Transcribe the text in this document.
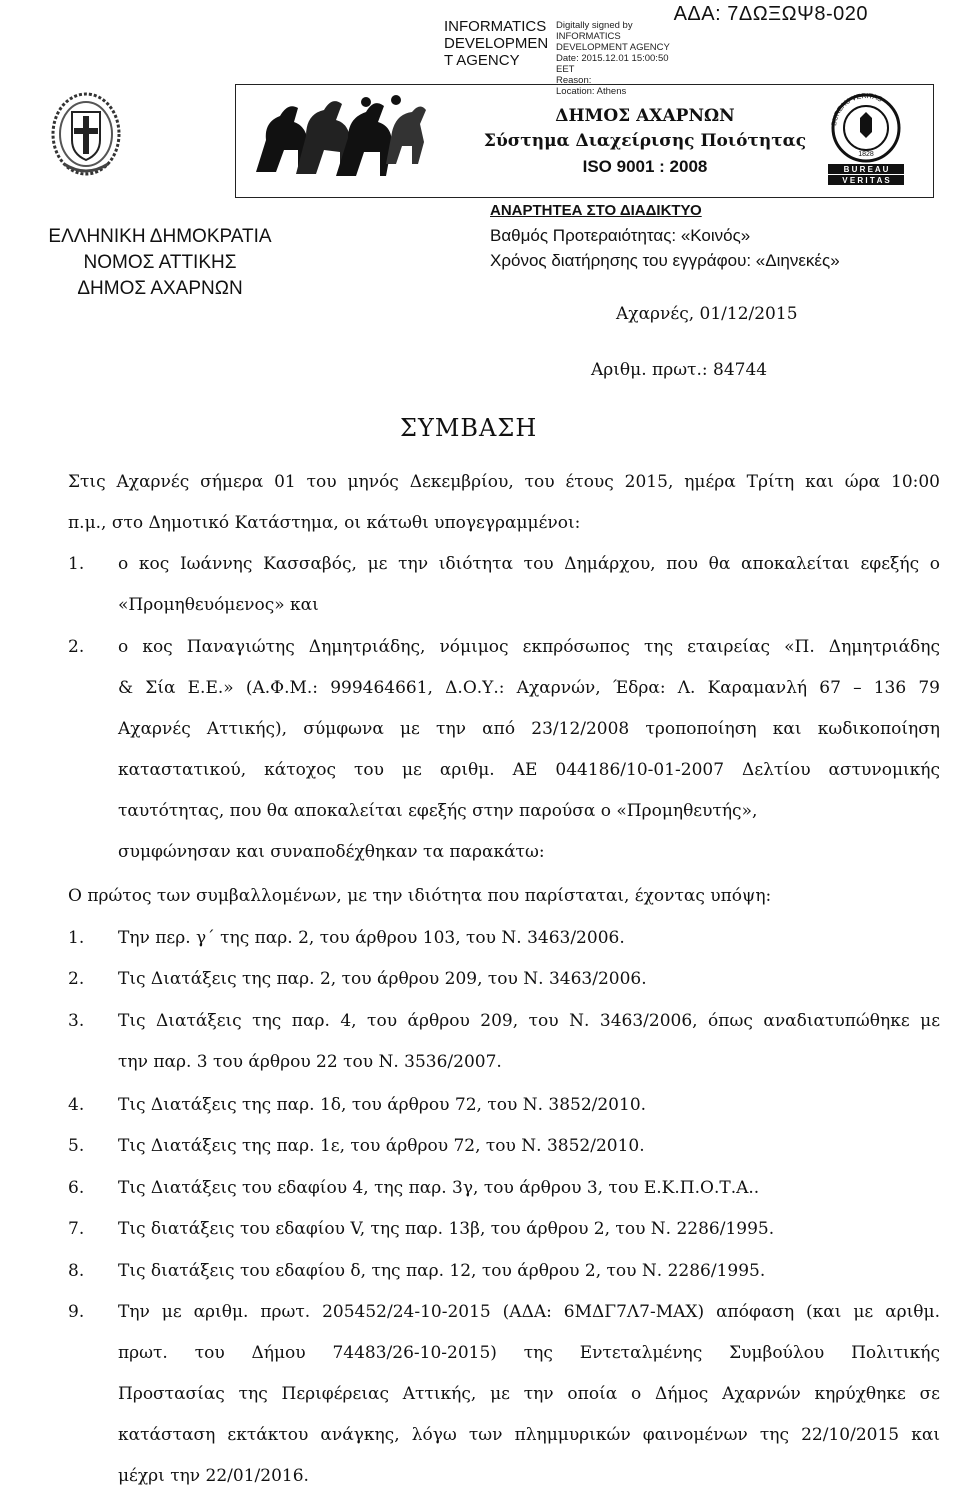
INFORMATICS
DEVELOPMEN
T AGENCY
Digitally signed by
INFORMATICS
DEVELOPMENT AGENCY
Date: 2015.12.01 15:00:50
EET
Reason:
Location: Athens
ΑΔΑ: 7ΔΩΞΩΨ8-020
ΔΗΜΟΣ ΑΧΑΡΝΩΝ
Σύστημα Διαχείρισης Ποιότητας
ISO 9001 : 2008
BUREAU VERITAS
1828
B U R E A U
V E R I T A S
ΕΛΛΗΝΙΚΗ ΔΗΜΟΚΡΑΤΙΑ
ΝΟΜΟΣ ΑΤΤΙΚΗΣ
ΔΗΜΟΣ ΑΧΑΡΝΩΝ
ΑΝΑΡΤΗΤΕΑ ΣΤΟ ΔΙΑΔΙΚΤΥΟ
Βαθμός Προτεραιότητας: «Κοινός»
Χρόνος διατήρησης του εγγράφου: «Διηνεκές»
Αχαρνές, 01/12/2015
Αριθμ. πρωτ.: 84744
ΣΥΜΒΑΣΗ
Στις Αχαρνές σήμερα 01 του μηνός Δεκεμβρίου, του έτους 2015, ημέρα Τρίτη και ώρα 10:00
π.μ., στο Δημοτικό Κατάστημα, οι κάτωθι υπογεγραμμένοι:
1. ο κος Ιωάννης Κασσαβός, με την ιδιότητα του Δημάρχου, που θα αποκαλείται εφεξής ο
«Προμηθευόμενος» και
2. ο κος Παναγιώτης Δημητριάδης, νόμιμος εκπρόσωπος της εταιρείας «Π. Δημητριάδης
& Σία Ε.Ε.» (Α.Φ.Μ.: 999464661, Δ.Ο.Υ.: Αχαρνών, Έδρα: Λ. Καραμανλή 67 – 136 79
Αχαρνές Αττικής), σύμφωνα με την από 23/12/2008 τροποποίηση και κωδικοποίηση
καταστατικού, κάτοχος του με αριθμ. ΑΕ 044186/10-01-2007 Δελτίου αστυνομικής
ταυτότητας, που θα αποκαλείται εφεξής στην παρούσα ο «Προμηθευτής»,
συμφώνησαν και συναποδέχθηκαν τα παρακάτω:
Ο πρώτος των συμβαλλομένων, με την ιδιότητα που παρίσταται, έχοντας υπόψη:
1. Την περ. γ΄ της παρ. 2, του άρθρου 103, του Ν. 3463/2006.
2. Τις Διατάξεις της παρ. 2, του άρθρου 209, του Ν. 3463/2006.
3. Τις Διατάξεις της παρ. 4, του άρθρου 209, του Ν. 3463/2006, όπως αναδιατυπώθηκε με
την παρ. 3 του άρθρου 22 του Ν. 3536/2007.
4. Τις Διατάξεις της παρ. 1δ, του άρθρου 72, του Ν. 3852/2010.
5. Τις Διατάξεις της παρ. 1ε, του άρθρου 72, του Ν. 3852/2010.
6. Τις Διατάξεις του εδαφίου 4, της παρ. 3γ, του άρθρου 3, του Ε.Κ.Π.Ο.Τ.Α..
7. Τις διατάξεις του εδαφίου V, της παρ. 13β, του άρθρου 2, του Ν. 2286/1995.
8. Τις διατάξεις του εδαφίου δ, της παρ. 12, του άρθρου 2, του Ν. 2286/1995.
9. Την με αριθμ. πρωτ. 205452/24-10-2015 (ΑΔΑ: 6ΜΔΓ7Λ7-ΜΑΧ) απόφαση (και με αριθμ.
πρωτ. του Δήμου 74483/26-10-2015) της Εντεταλμένης Συμβούλου Πολιτικής
Προστασίας της Περιφέρειας Αττικής, με την οποία ο Δήμος Αχαρνών κηρύχθηκε σε
κατάσταση εκτάκτου ανάγκης, λόγω των πλημμυρικών φαινομένων της 22/10/2015 και
μέχρι την 22/01/2016.
